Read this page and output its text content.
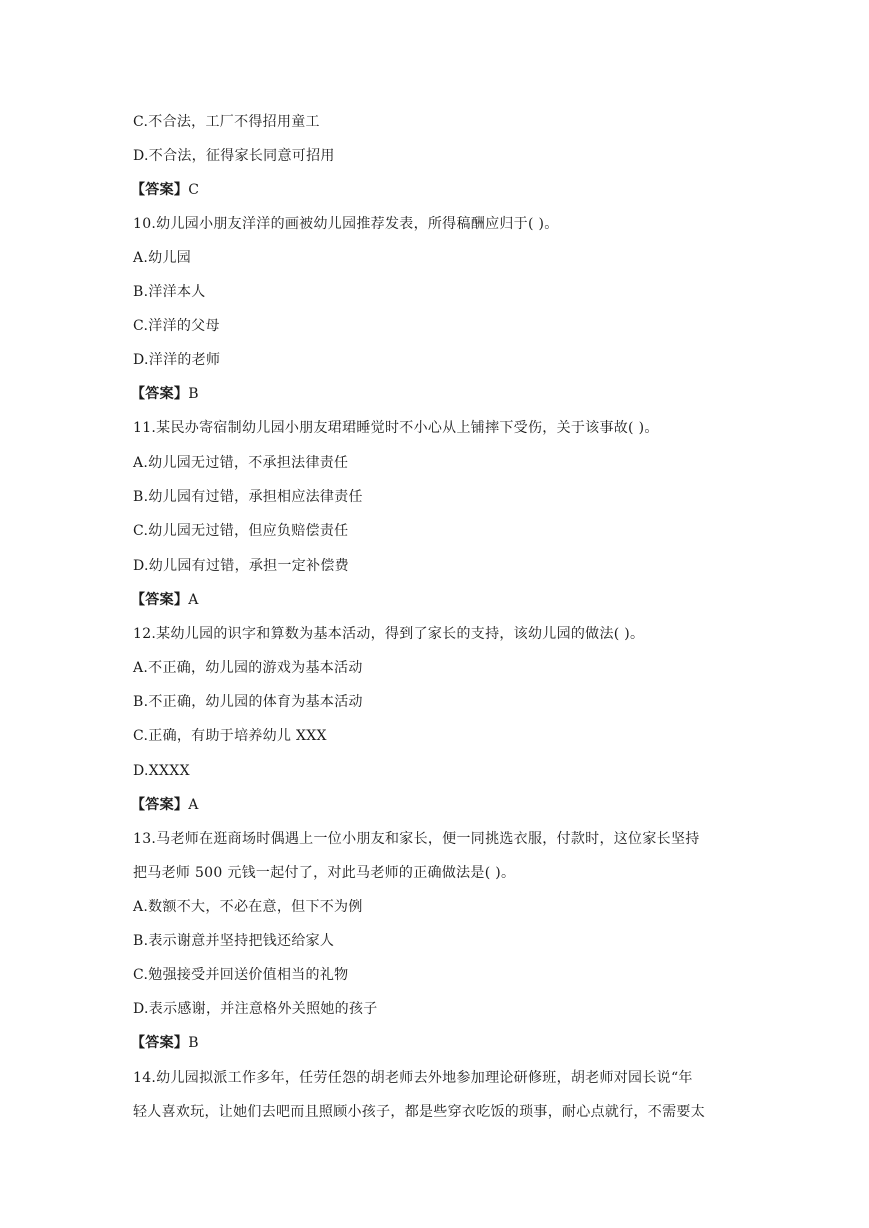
C.不合法，工厂不得招用童工
D.不合法，征得家长同意可招用
【答案】C
10.幼儿园小朋友洋洋的画被幼儿园推荐发表，所得稿酬应归于( )。
A.幼儿园
B.洋洋本人
C.洋洋的父母
D.洋洋的老师
【答案】B
11.某民办寄宿制幼儿园小朋友珺珺睡觉时不小心从上铺摔下受伤，关于该事故( )。
A.幼儿园无过错，不承担法律责任
B.幼儿园有过错，承担相应法律责任
C.幼儿园无过错，但应负赔偿责任
D.幼儿园有过错，承担一定补偿费
【答案】A
12.某幼儿园的识字和算数为基本活动，得到了家长的支持，该幼儿园的做法( )。
A.不正确，幼儿园的游戏为基本活动
B.不正确，幼儿园的体育为基本活动
C.正确，有助于培养幼儿 XXX
D.XXXX
【答案】A
13.马老师在逛商场时偶遇上一位小朋友和家长，便一同挑选衣服，付款时，这位家长坚持
把马老师 500 元钱一起付了，对此马老师的正确做法是( )。
A.数额不大，不必在意，但下不为例
B.表示谢意并坚持把钱还给家人
C.勉强接受并回送价值相当的礼物
D.表示感谢，并注意格外关照她的孩子
【答案】B
14.幼儿园拟派工作多年，任劳任怨的胡老师去外地参加理论研修班，胡老师对园长说“年
轻人喜欢玩，让她们去吧而且照顾小孩子，都是些穿衣吃饭的琐事，耐心点就行，不需要太
